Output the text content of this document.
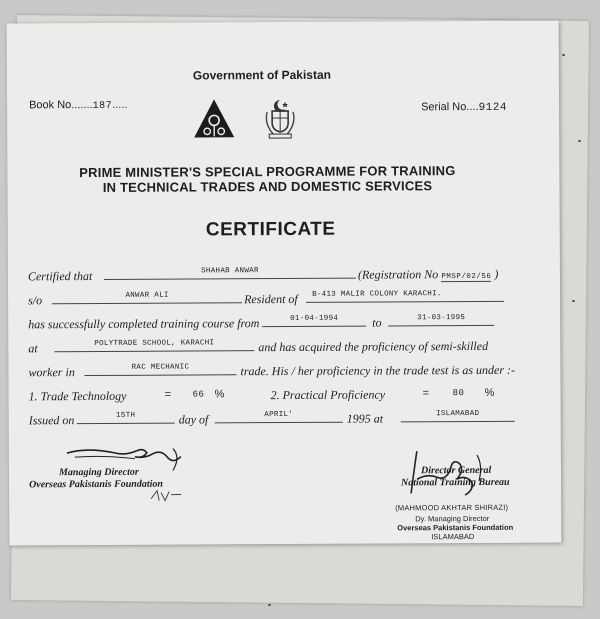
Government of Pakistan
Book No.......187.....	Serial No....9124
PRIME MINISTER'S SPECIAL PROGRAMME FOR TRAINING
IN TECHNICAL TRADES AND DOMESTIC SERVICES
CERTIFICATE
Certified that	SHAHAB ANWAR	(Registration No PMSP/02/56 )
s/o	ANWAR ALI	Resident of	B-413 MALIR COLONY KARACHI.
has successfully completed training course from	01-04-1994	to	31-03-1995
at	POLYTRADE SCHOOL, KARACHI	and has acquired the proficiency of semi-skilled
worker in	RAC MECHANIC	trade. His / her proficiency in the trade test is as under :-
1. Trade Technology	= 66 %	2. Practical Proficiency	=	80 %
Issued on	15TH	day of	APRIL'	1995 at	ISLAMABAD
Managing Director
Overseas Pakistanis Foundation
Director General
National Training Bureau
(MAHMOOD AKHTAR SHIRAZI)
Dy. Managing Director
Overseas Pakistanis Foundation
ISLAMABAD
